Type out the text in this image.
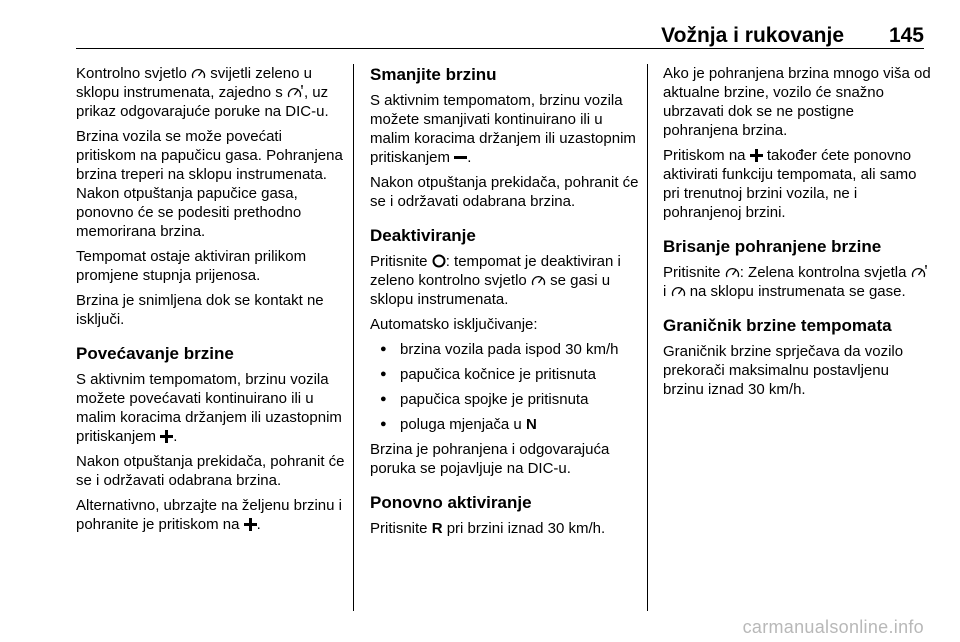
Vožnja i rukovanje 145

Kontrolno svjetlo svijetli zeleno u sklopu instrumenata, zajedno s , uz prikaz odgovarajuće poruke na DIC-u.

Brzina vozila se može povećati pritiskom na papučicu gasa. Pohranjena brzina treperi na sklopu instrumenata. Nakon otpuštanja papučice gasa, ponovno će se podesiti prethodno memorirana brzina.

Tempomat ostaje aktiviran prilikom promjene stupnja prijenosa.

Brzina je snimljena dok se kontakt ne isključi.

Povećavanje brzine

S aktivnim tempomatom, brzinu vozila možete povećavati kontinuirano ili u malim koracima držanjem ili uzastopnim pritiskanjem .

Nakon otpuštanja prekidača, pohranit će se i održavati odabrana brzina.

Alternativno, ubrzajte na željenu brzinu i pohranite je pritiskom na .

Smanjite brzinu

S aktivnim tempomatom, brzinu vozila možete smanjivati kontinuirano ili u malim koracima držanjem ili uzastopnim pritiskanjem .

Nakon otpuštanja prekidača, pohranit će se i održavati odabrana brzina.

Deaktiviranje

Pritisnite : tempomat je deaktiviran i zeleno kontrolno svjetlo se gasi u sklopu instrumenata.

Automatsko isključivanje:

● brzina vozila pada ispod 30 km/h
● papučica kočnice je pritisnuta
● papučica spojke je pritisnuta
● poluga mjenjača u N

Brzina je pohranjena i odgovarajuća poruka se pojavljuje na DIC-u.

Ponovno aktiviranje

Pritisnite R pri brzini iznad 30 km/h.

Ako je pohranjena brzina mnogo viša od aktualne brzine, vozilo će snažno ubrzavati dok se ne postigne pohranjena brzina.

Pritiskom na također ćete ponovno aktivirati funkciju tempomata, ali samo pri trenutnoj brzini vozila, ne i pohranjenoj brzini.

Brisanje pohranjene brzine

Pritisnite : Zelena kontrolna svjetla  i na sklopu instrumenata se gase.

Graničnik brzine tempomata

Graničnik brzine sprječava da vozilo prekorači maksimalnu postavljenu brzinu iznad 30 km/h.

carmanualsonline.info
